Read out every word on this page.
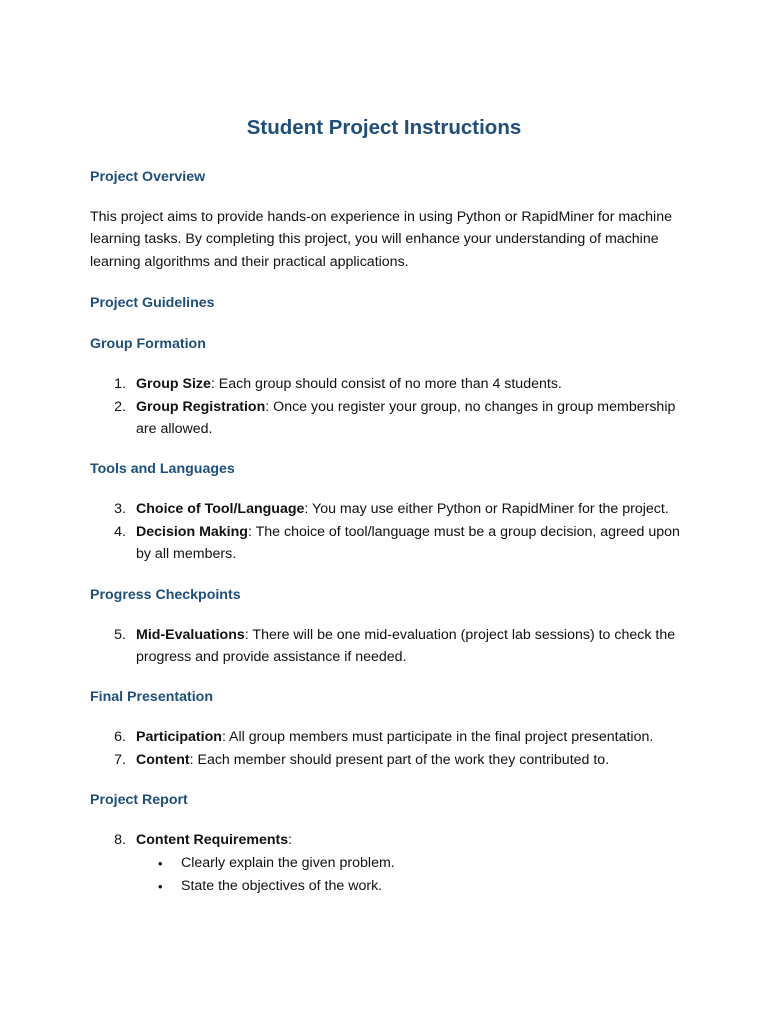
Student Project Instructions

Project Overview

This project aims to provide hands-on experience in using Python or RapidMiner for machine learning tasks. By completing this project, you will enhance your understanding of machine learning algorithms and their practical applications.

Project Guidelines

Group Formation

1. Group Size: Each group should consist of no more than 4 students.
2. Group Registration: Once you register your group, no changes in group membership are allowed.

Tools and Languages

3. Choice of Tool/Language: You may use either Python or RapidMiner for the project.
4. Decision Making: The choice of tool/language must be a group decision, agreed upon by all members.

Progress Checkpoints

5. Mid-Evaluations: There will be one mid-evaluation (project lab sessions) to check the progress and provide assistance if needed.

Final Presentation

6. Participation: All group members must participate in the final project presentation.
7. Content: Each member should present part of the work they contributed to.

Project Report

8. Content Requirements:
• Clearly explain the given problem.
• State the objectives of the work.
